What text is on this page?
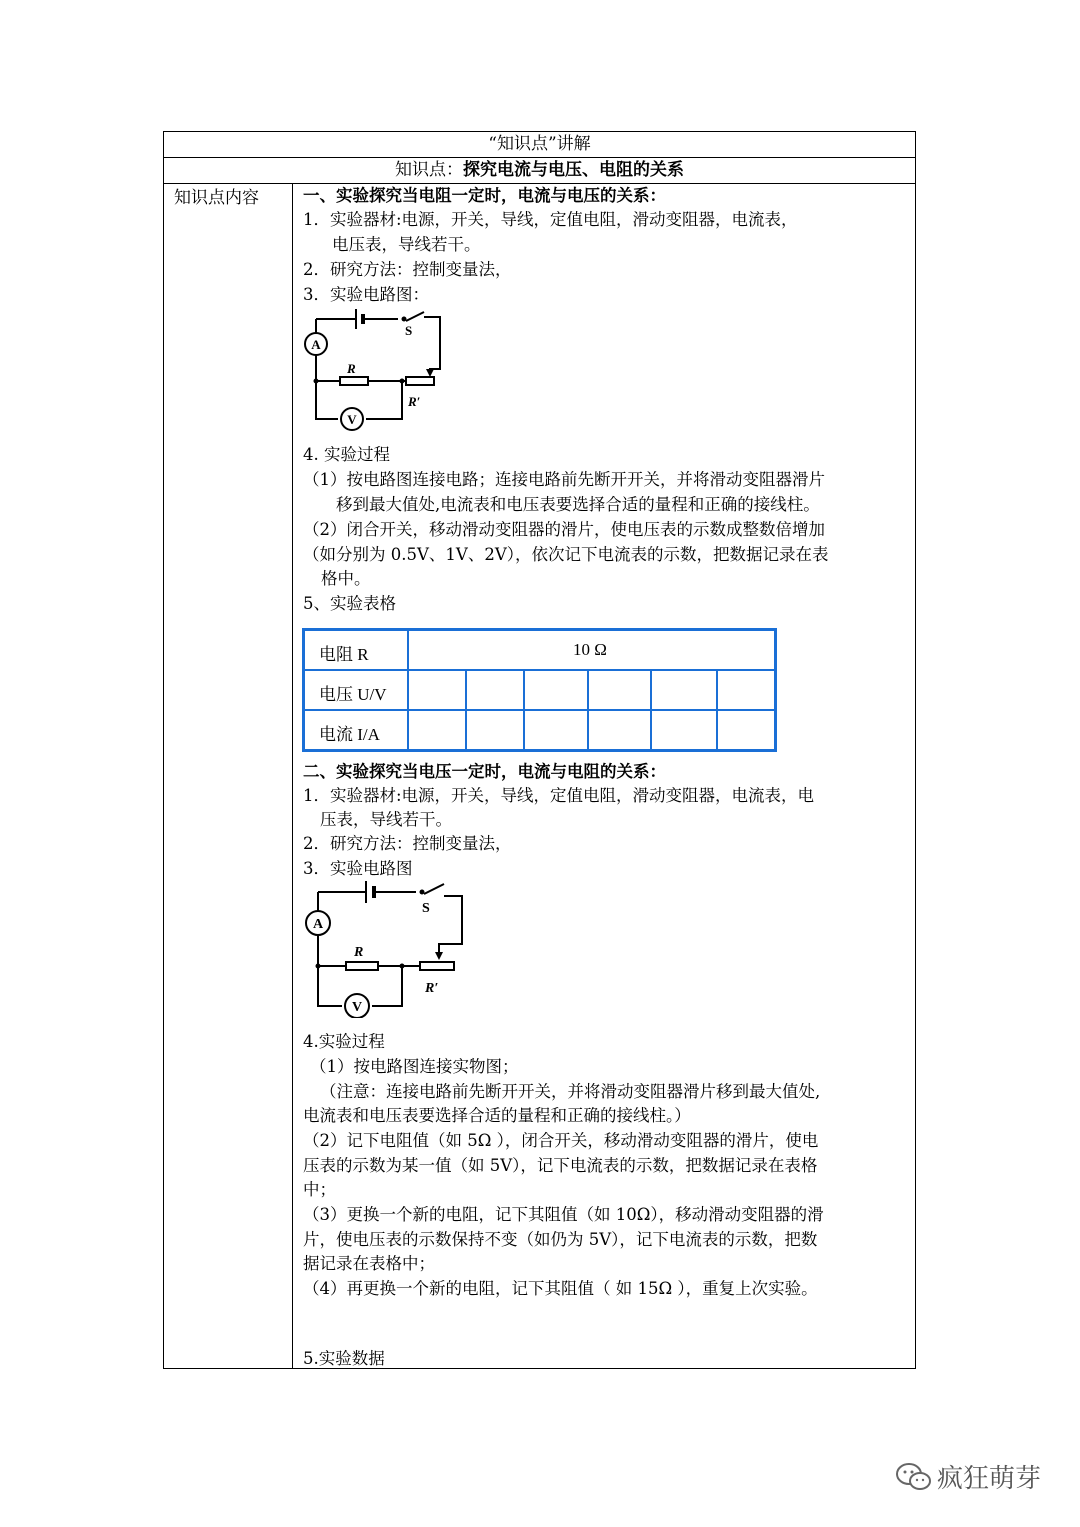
“知识点”讲解
知识点：探究电流与电压、电阻的关系
知识点内容	一、实验探究当电阻一定时，电流与电压的关系：
1．实验器材:电源，开关，导线，定值电阻，滑动变阻器，电流表，
电压表，导线若干。
2．研究方法：控制变量法，
3．实验电路图：
A
V
S
R
R′
4. 实验过程
（1）按电路图连接电路；连接电路前先断开开关，并将滑动变阻器滑片
移到最大值处,电流表和电压表要选择合适的量程和正确的接线柱。
（2）闭合开关，移动滑动变阻器的滑片，使电压表的示数成整数倍增加
（如分别为 0.5V、1V、2V），依次记下电流表的示数，把数据记录在表
格中。
5、实验表格
电阻 R	10 Ω
电压 U/V
电流 I/A
二、实验探究当电压一定时，电流与电阻的关系：
1．实验器材:电源，开关，导线，定值电阻，滑动变阻器，电流表，电
压表，导线若干。
2．研究方法：控制变量法，
3．实验电路图
A
V
S
R
R′
4.实验过程
（1）按电路图连接实物图；
（注意：连接电路前先断开开关，并将滑动变阻器滑片移到最大值处,
电流表和电压表要选择合适的量程和正确的接线柱。）
（2）记下电阻值（如 5Ω ），闭合开关，移动滑动变阻器的滑片，使电
压表的示数为某一值（如 5V），记下电流表的示数，把数据记录在表格
中；
（3）更换一个新的电阻，记下其阻值（如 10Ω），移动滑动变阻器的滑
片，使电压表的示数保持不变（如仍为 5V），记下电流表的示数，把数
据记录在表格中；
（4）再更换一个新的电阻，记下其阻值（ 如 15Ω ），重复上次实验。
5.实验数据
疯狂萌芽
